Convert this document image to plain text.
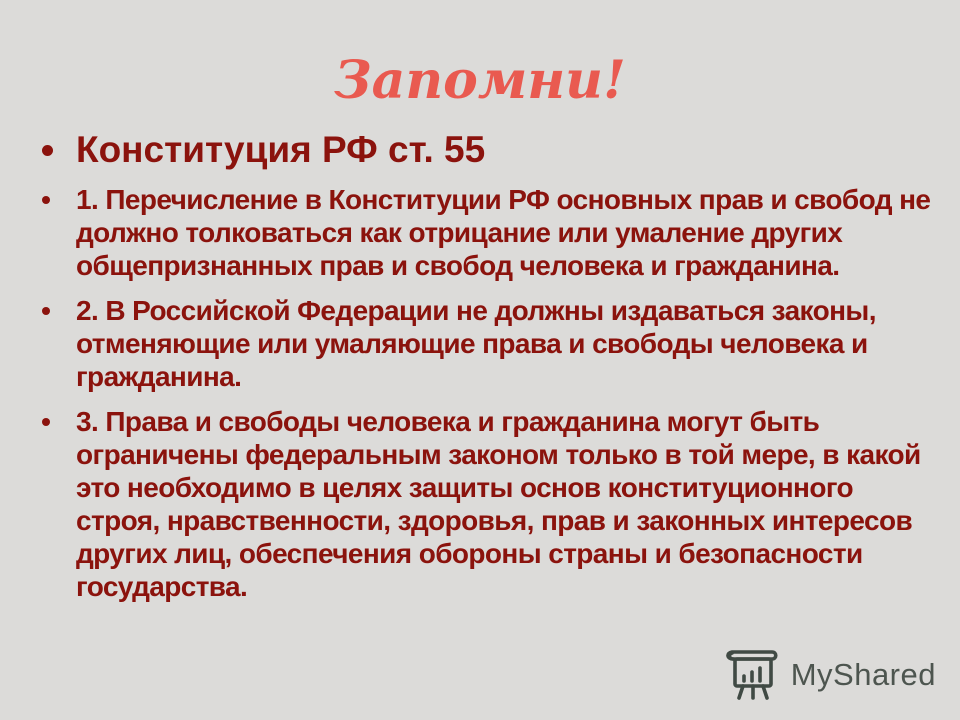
Запомни!
Конституция РФ ст. 55
1. Перечисление в Конституции РФ основных прав и свобод не должно толковаться как отрицание или умаление других общепризнанных прав и свобод человека и гражданина.
2. В Российской Федерации не должны издаваться законы, отменяющие или умаляющие права и свободы человека и гражданина.
3. Права и свободы человека и гражданина могут быть ограничены федеральным законом только в той мере, в какой это необходимо в целях защиты основ конституционного строя, нравственности, здоровья, прав и законных интересов других лиц, обеспечения обороны страны и безопасности государства.
MyShared
